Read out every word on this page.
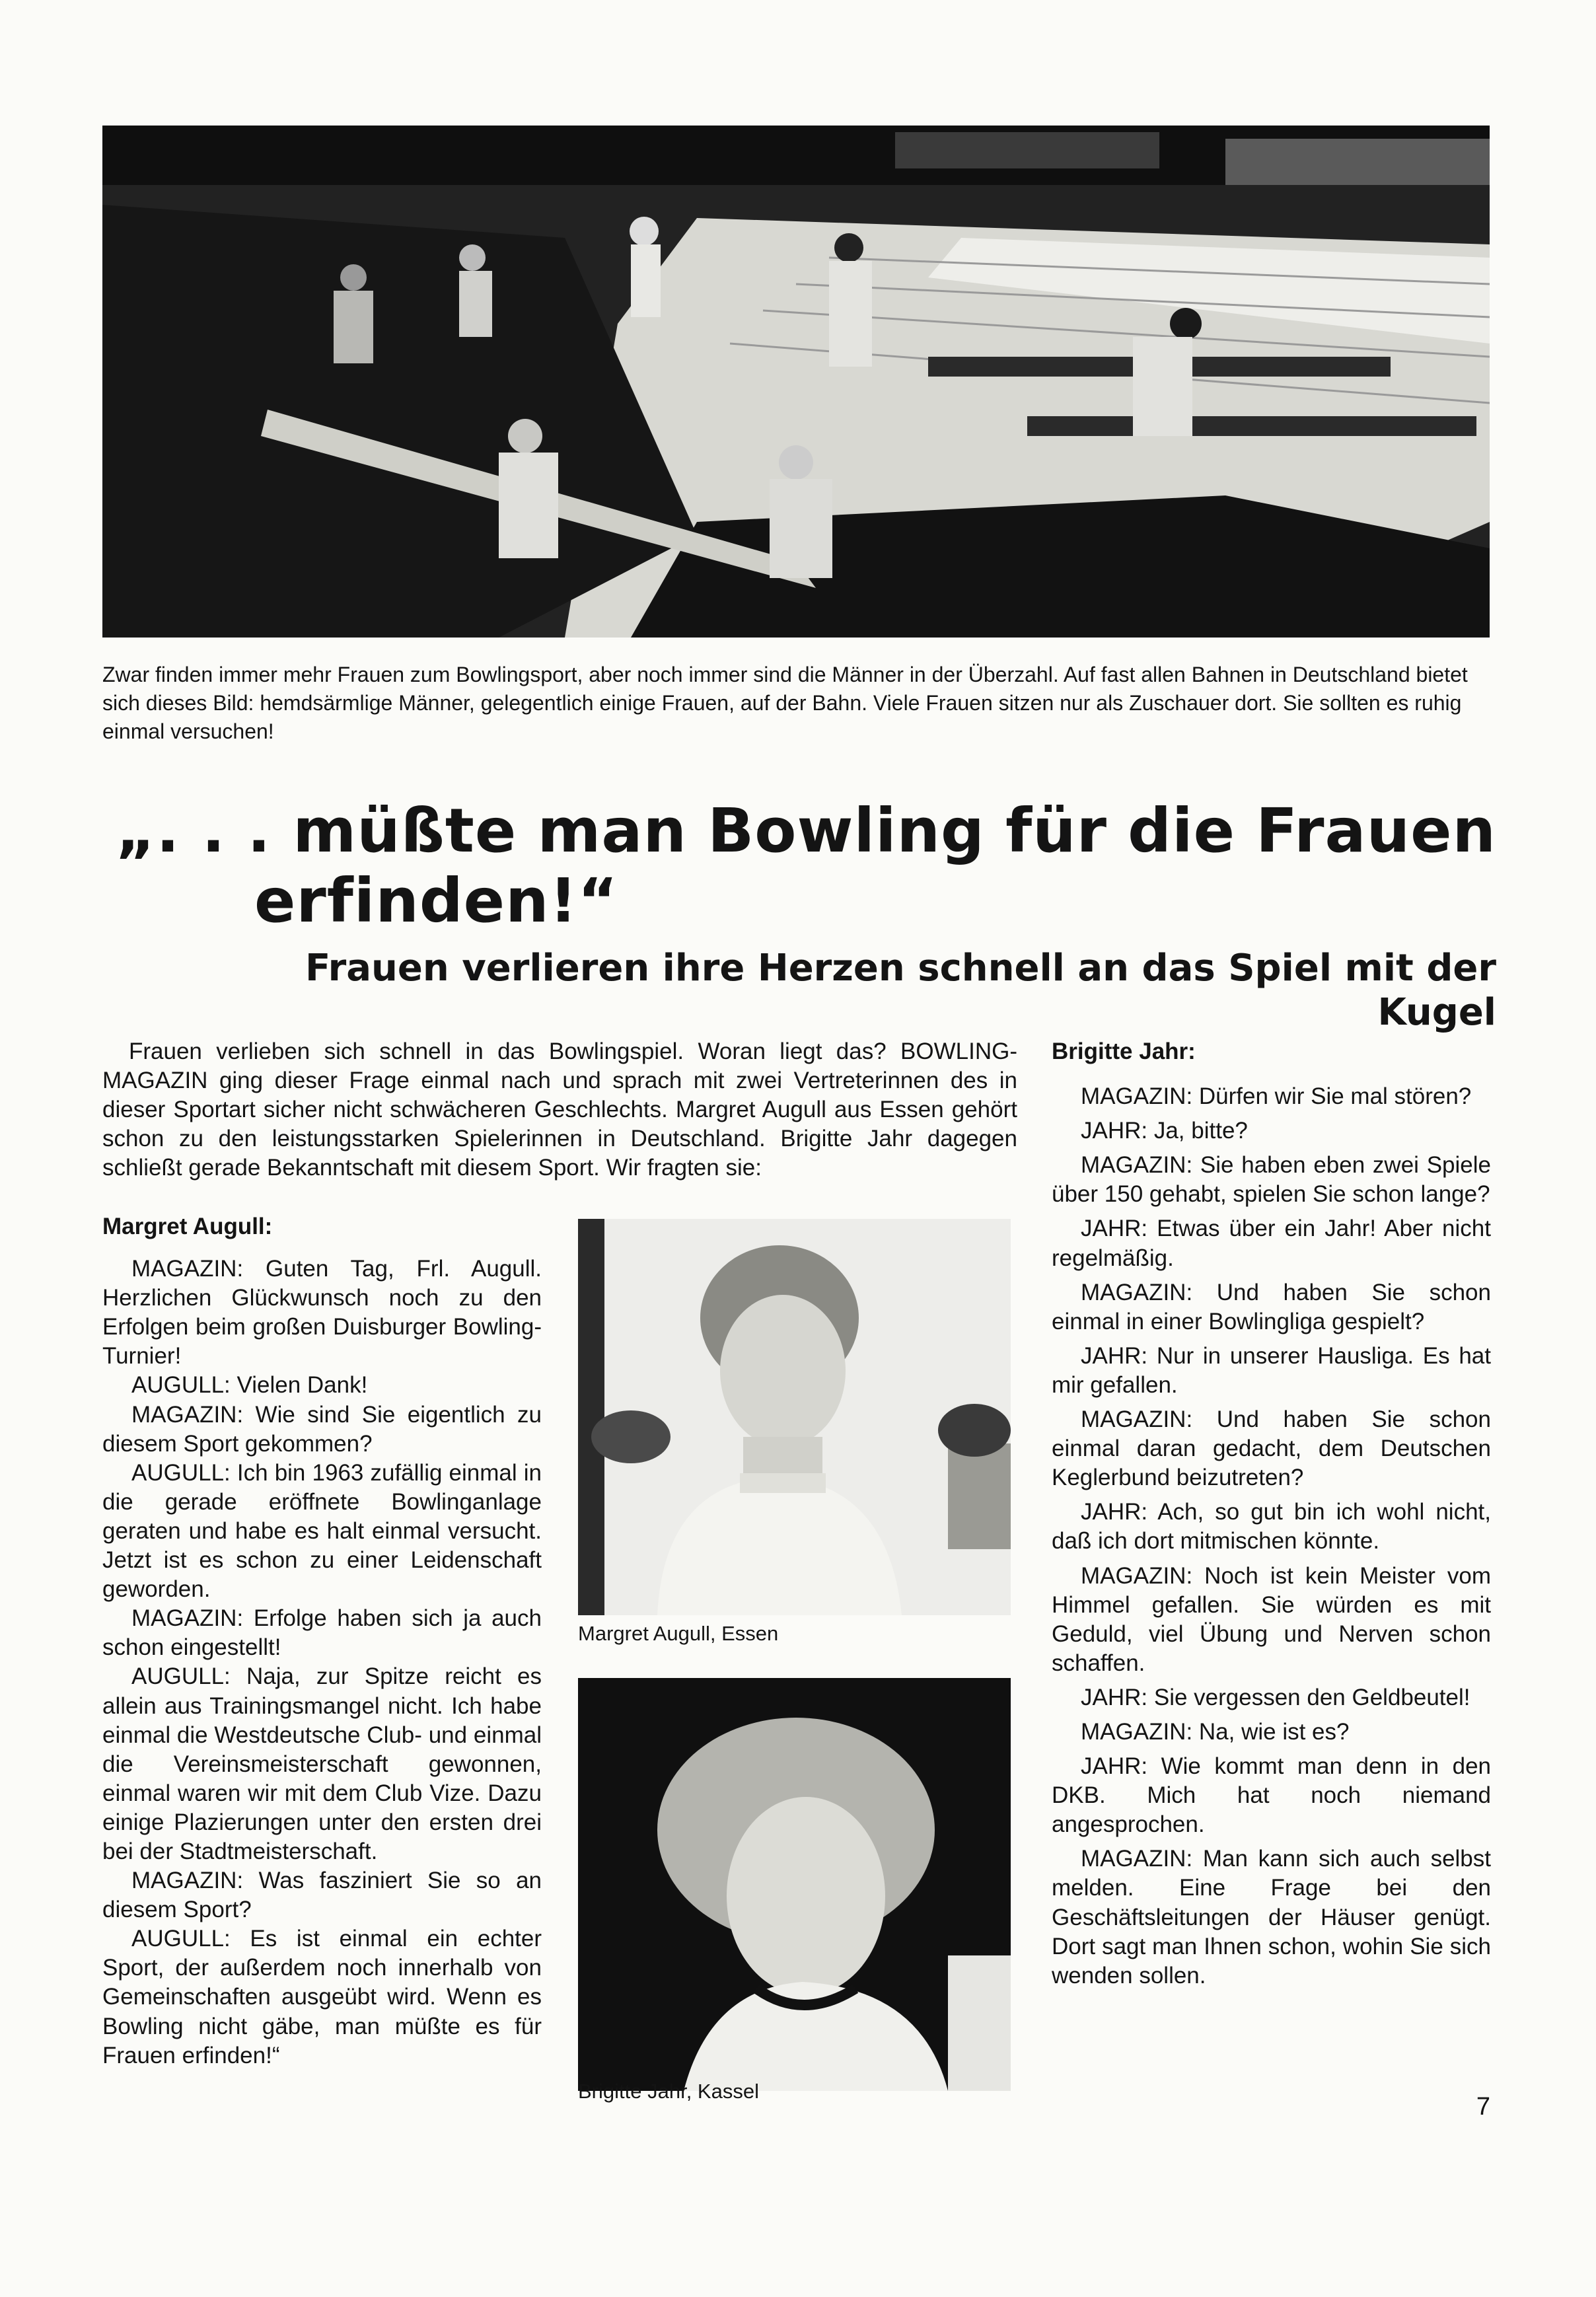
Zwar finden immer mehr Frauen zum Bowlingsport, aber noch immer sind die Männer in der Überzahl. Auf fast allen Bahnen in Deutschland bietet sich dieses Bild: hemdsärmlige Männer, gelegentlich einige Frauen, auf der Bahn. Viele Frauen sitzen nur als Zuschauer dort. Sie sollten es ruhig einmal versuchen!
„. . . müßte man Bowling für die Frauen
erfinden!“
Frauen verlieren ihre Herzen schnell an das Spiel mit der Kugel
Frauen verlieben sich schnell in das Bowlingspiel. Woran liegt das? BOWLING-MAGAZIN ging dieser Frage einmal nach und sprach mit zwei Vertreterinnen des in dieser Sportart sicher nicht schwächeren Geschlechts. Margret Augull aus Essen gehört schon zu den leistungsstarken Spielerinnen in Deutschland. Brigitte Jahr dagegen schließt gerade Bekanntschaft mit diesem Sport. Wir fragten sie:

Margret Augull:

MAGAZIN: Guten Tag, Frl. Augull. Herzlichen Glückwunsch noch zu den Erfolgen beim großen Duisburger Bowling-Turnier!

AUGULL: Vielen Dank!

MAGAZIN: Wie sind Sie eigentlich zu diesem Sport gekommen?

AUGULL: Ich bin 1963 zufällig einmal in die gerade eröffnete Bowlinganlage geraten und habe es halt einmal versucht. Jetzt ist es schon zu einer Leidenschaft geworden.

MAGAZIN: Erfolge haben sich ja auch schon eingestellt!

AUGULL: Naja, zur Spitze reicht es allein aus Trainingsmangel nicht. Ich habe einmal die Westdeutsche Club- und einmal die Vereinsmeisterschaft gewonnen, einmal waren wir mit dem Club Vize. Dazu einige Plazierungen unter den ersten drei bei der Stadtmeisterschaft.

MAGAZIN: Was fasziniert Sie so an diesem Sport?

AUGULL: Es ist einmal ein echter Sport, der außerdem noch innerhalb von Gemeinschaften ausgeübt wird. Wenn es Bowling nicht gäbe, man müßte es für Frauen erfinden!“

Margret Augull, Essen
Brigitte Jahr, Kassel

Brigitte Jahr:

MAGAZIN: Dürfen wir Sie mal stören?

JAHR: Ja, bitte?

MAGAZIN: Sie haben eben zwei Spiele über 150 gehabt, spielen Sie schon lange?

JAHR: Etwas über ein Jahr! Aber nicht regelmäßig.

MAGAZIN: Und haben Sie schon einmal in einer Bowlingliga gespielt?

JAHR: Nur in unserer Hausliga. Es hat mir gefallen.

MAGAZIN: Und haben Sie schon einmal daran gedacht, dem Deutschen Keglerbund beizutreten?

JAHR: Ach, so gut bin ich wohl nicht, daß ich dort mitmischen könnte.

MAGAZIN: Noch ist kein Meister vom Himmel gefallen. Sie würden es mit Geduld, viel Übung und Nerven schon schaffen.

JAHR: Sie vergessen den Geldbeutel!

MAGAZIN: Na, wie ist es?

JAHR: Wie kommt man denn in den DKB. Mich hat noch niemand angesprochen.

MAGAZIN: Man kann sich auch selbst melden. Eine Frage bei den Geschäftsleitungen der Häuser genügt. Dort sagt man Ihnen schon, wohin Sie sich wenden sollen.

7
